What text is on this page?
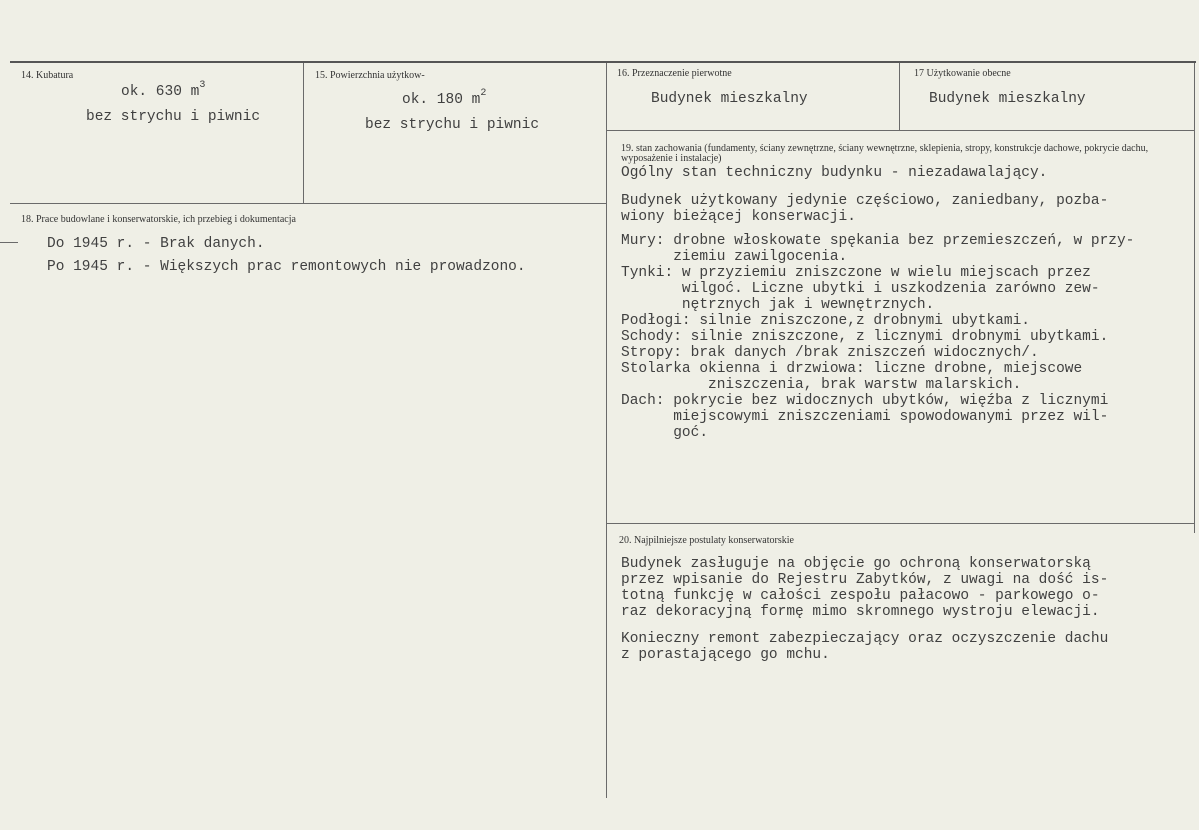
14. Kubatura
ok. 630 $m^3$
bez strychu i piwnic
15. Powierzchnia użytkow-
ok. 180 $m^2$
bez strychu i piwnic
16. Przeznaczenie pierwotne
Budynek mieszkalny
17 Użytkowanie obecne
Budynek mieszkalny
18. Prace budowlane i konserwatorskie, ich przebieg i dokumentacja
Do 1945 r. - Brak danych.
Po 1945 r. - Większych prac remontowych nie prowadzono.
19. stan zachowania (fundamenty, ściany zewnętrzne, ściany wewnętrzne, sklepienia, stropy, konstrukcje dachowe, pokrycie dachu, wyposażenie i instalacje)
Ogólny stan techniczny budynku - niezadawalający.
Budynek użytkowany jedynie częściowo, zaniedbany, pozba-
wiony bieżącej konserwacji.
Mury: drobne włoskowate spękania bez przemieszczeń, w przy-
ziemiu zawilgocenia.
Tynki: w przyziemiu zniszczone w wielu miejscach przez
wilgoć. Liczne ubytki i uszkodzenia zarówno zew-
nętrznych jak i wewnętrznych.
Podłogi: silnie zniszczone,z drobnymi ubytkami.
Schody: silnie zniszczone, z licznymi drobnymi ubytkami.
Stropy: brak danych /brak zniszczeń widocznych/.
Stolarka okienna i drzwiowa: liczne drobne, miejscowe
zniszczenia, brak warstw malarskich.
Dach: pokrycie bez widocznych ubytków, więźba z licznymi
miejscowymi zniszczeniami spowodowanymi przez wil-
goć.
20. Najpilniejsze postulaty konserwatorskie
Budynek zasługuje na objęcie go ochroną konserwatorską
przez wpisanie do Rejestru Zabytków, z uwagi na dość is-
totną funkcję w całości zespołu pałacowo - parkowego o-
raz dekoracyjną formę mimo skromnego wystroju elewacji.
Konieczny remont zabezpieczający oraz oczyszczenie dachu
z porastającego go mchu.
